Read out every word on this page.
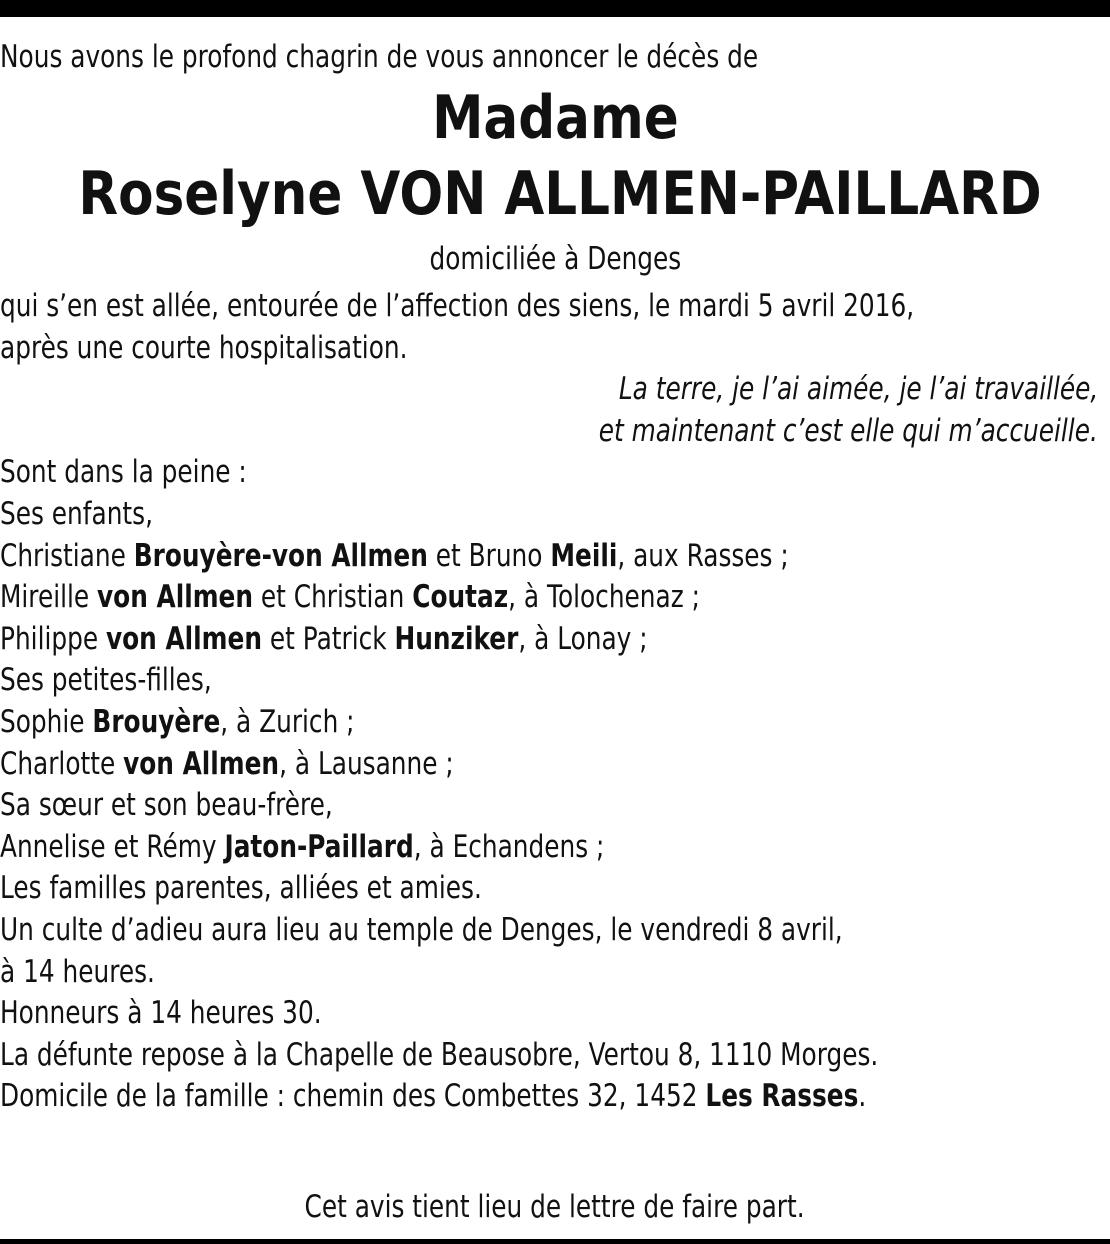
Nous avons le profond chagrin de vous annoncer le décès de
Madame
Roselyne VON ALLMEN-PAILLARD
domiciliée à Denges
qui s’en est allée, entourée de l’affection des siens, le mardi 5 avril 2016,
après une courte hospitalisation.
La terre, je l’ai aimée, je l’ai travaillée,
et maintenant c’est elle qui m’accueille.
Sont dans la peine :
Ses enfants,
Christiane Brouyère-von Allmen et Bruno Meili, aux Rasses ;
Mireille von Allmen et Christian Coutaz, à Tolochenaz ;
Philippe von Allmen et Patrick Hunziker, à Lonay ;
Ses petites-filles,
Sophie Brouyère, à Zurich ;
Charlotte von Allmen, à Lausanne ;
Sa sœur et son beau-frère,
Annelise et Rémy Jaton-Paillard, à Echandens ;
Les familles parentes, alliées et amies.
Un culte d’adieu aura lieu au temple de Denges, le vendredi 8 avril,
à 14 heures.
Honneurs à 14 heures 30.
La défunte repose à la Chapelle de Beausobre, Vertou 8, 1110 Morges.
Domicile de la famille : chemin des Combettes 32, 1452 Les Rasses.
Cet avis tient lieu de lettre de faire part.
